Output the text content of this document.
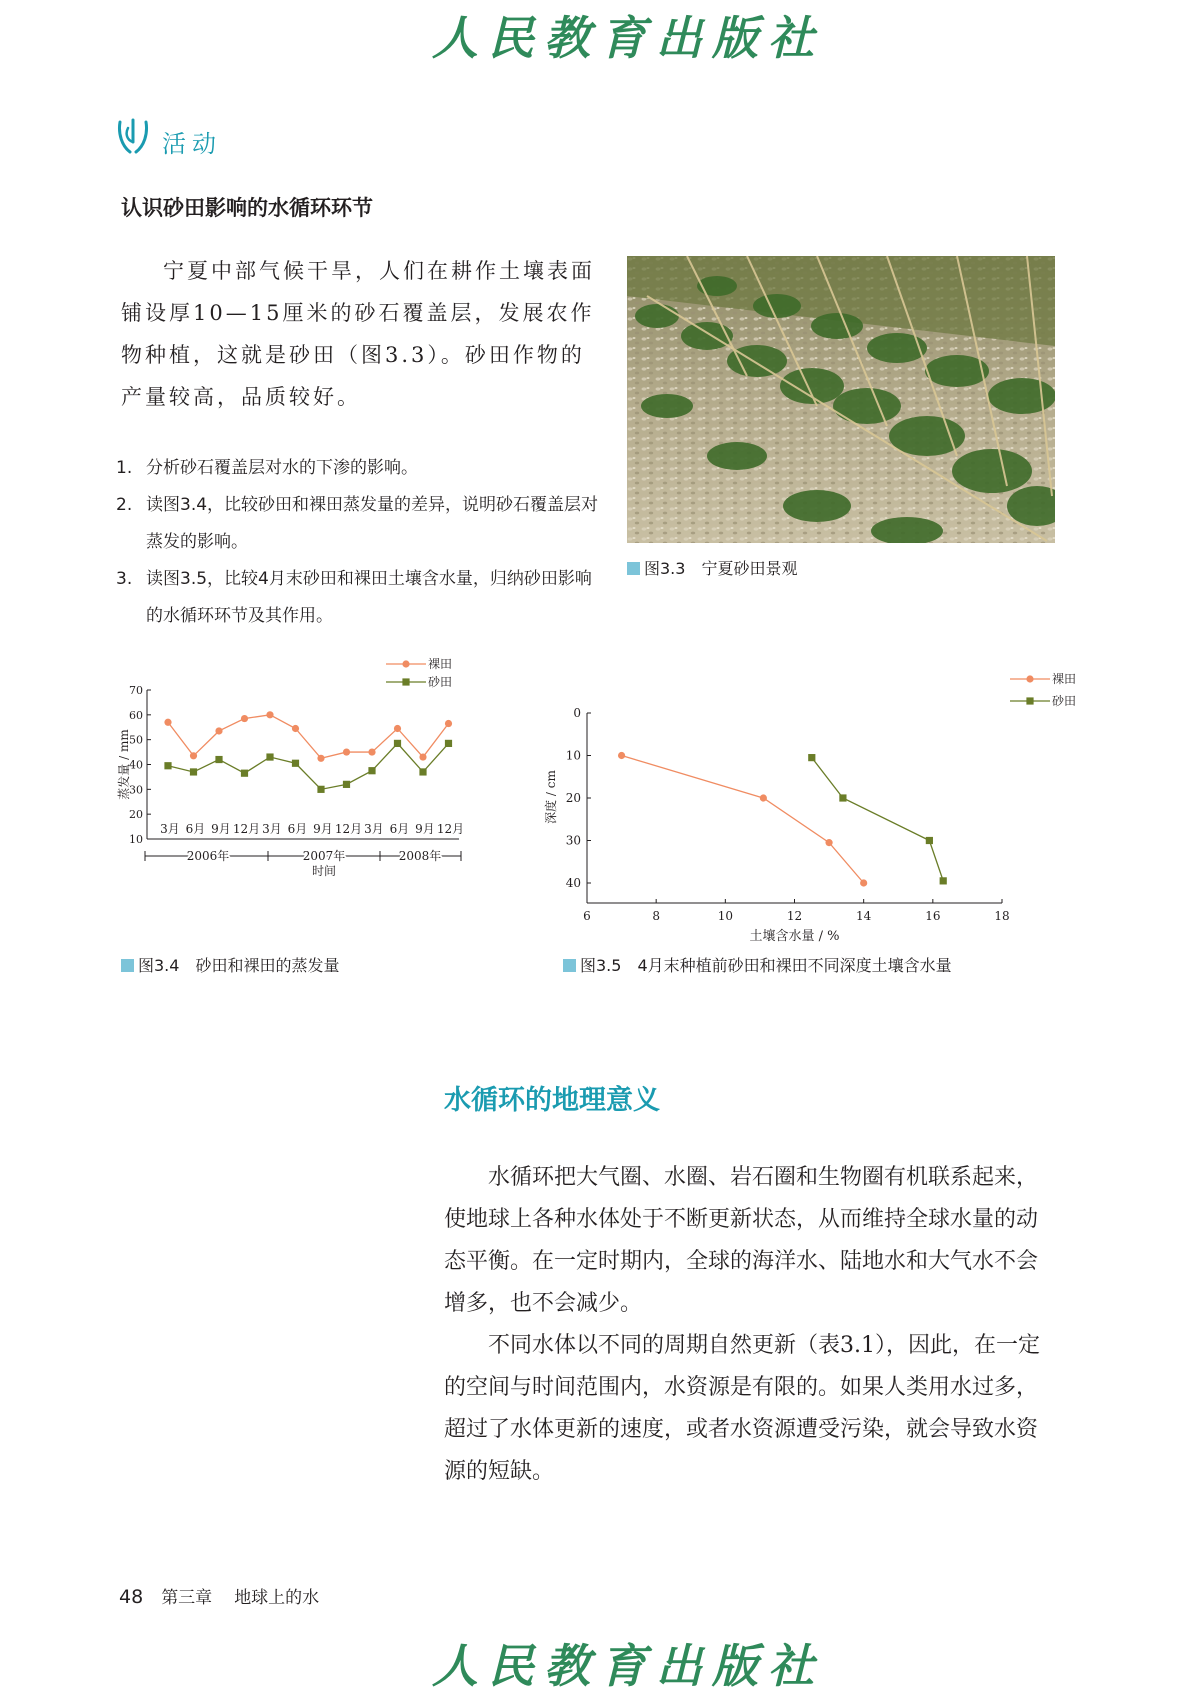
人民教育出版社
活动
认识砂田影响的水循环环节

宁夏中部气候干旱，人们在耕作土壤表面铺设厚10—15厘米的砂石覆盖层，发展农作物种植，这就是砂田（图3.3）。砂田作物的产量较高，品质较好。

1. 分析砂石覆盖层对水的下渗的影响。
2. 读图3.4，比较砂田和裸田蒸发量的差异，说明砂石覆盖层对蒸发的影响。
3. 读图3.5，比较4月末砂田和裸田土壤含水量，归纳砂田影响的水循环环节及其作用。
图3.3　宁夏砂田景观
10
20
30
40
50
60
70
3月 6月 9月 12月 3月 6月 9月 12月 3月 6月 9月 12月
2006年	2007年	2008年
时间
蒸发量 / mm
裸田
砂田
图3.4　砂田和裸田的蒸发量
0
10
20
30
40
6	8	10	12	14	16	18
土壤含水量 / %
深度 / cm
裸田
砂田
图3.5　4月末种植前砂田和裸田不同深度土壤含水量
水循环的地理意义

水循环把大气圈、水圈、岩石圈和生物圈有机联系起来，使地球上各种水体处于不断更新状态，从而维持全球水量的动态平衡。在一定时期内，全球的海洋水、陆地水和大气水不会增多，也不会减少。

不同水体以不同的周期自然更新（表3.1），因此，在一定的空间与时间范围内，水资源是有限的。如果人类用水过多，超过了水体更新的速度，或者水资源遭受污染，就会导致水资源的短缺。

48 第三章 地球上的水
人民教育出版社
